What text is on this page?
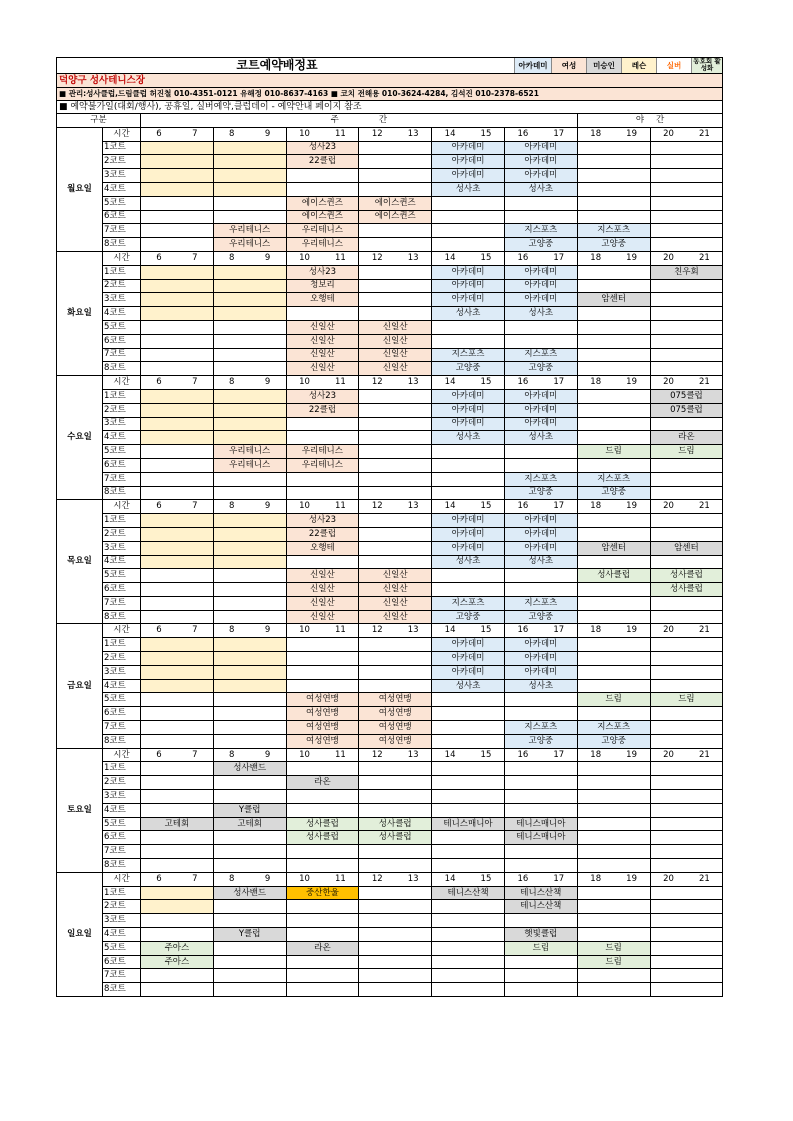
코트예약배정표	아카데미	여성	미승인	레슨	실버	동호회 활성화
덕양구 성사테니스장
■ 관리:성사클럽,드림클럽 허진철 010-4351-0121 유해정 010-8637-4163 ■ 코치 전해용 010-3624-4284, 김석진 010-2378-6521
■ 예약불가일(대회/행사), 공휴일, 실버예약,클럽데이 - 예약안내 페이지 참조
구분		주 간												야 간			
월요일	시간	6	7	8	9	10	11	12	13	14	15	16	17	18	19	20	21
	1코트					성사23				아카데미		아카데미					
	2코트					22클럽				아카데미		아카데미					
	3코트									아카데미		아카데미					
	4코트									성사초		성사초					
	5코트					에이스퀸즈		에이스퀸즈									
	6코트					에이스퀸즈		에이스퀸즈									
	7코트			우리테니스		우리테니스						지스포츠		지스포츠			
	8코트			우리테니스		우리테니스						고양중		고양중			
화요일	시간	6	7	8	9	10	11	12	13	14	15	16	17	18	19	20	21
	1코트					성사23				아카데미		아카데미				친우회	
	2코트					청보리				아카데미		아카데미					
	3코트					오행테				아카데미		아카데미		암센터			
	4코트									성사초		성사초					
	5코트					신일산		신일산									
	6코트					신일산		신일산									
	7코트					신일산		신일산		지스포츠		지스포츠					
	8코트					신일산		신일산		고양중		고양중					
수요일	시간	6	7	8	9	10	11	12	13	14	15	16	17	18	19	20	21
	1코트					성사23				아카데미		아카데미				075클럽	
	2코트					22클럽				아카데미		아카데미				075클럽	
	3코트									아카데미		아카데미					
	4코트									성사초		성사초				라온	
	5코트			우리테니스		우리테니스								드림		드림	
	6코트			우리테니스		우리테니스											
	7코트											지스포츠		지스포츠			
	8코트											고양중		고양중			
목요일	시간	6	7	8	9	10	11	12	13	14	15	16	17	18	19	20	21
	1코트					성사23				아카데미		아카데미					
	2코트					22클럽				아카데미		아카데미					
	3코트					오행테				아카데미		아카데미		암센터		암센터	
	4코트									성사초		성사초					
	5코트					신일산		신일산						성사클럽		성사클럽	
	6코트					신일산		신일산								성사클럽	
	7코트					신일산		신일산		지스포츠		지스포츠					
	8코트					신일산		신일산		고양중		고양중					
금요일	시간	6	7	8	9	10	11	12	13	14	15	16	17	18	19	20	21
	1코트									아카데미		아카데미					
	2코트									아카데미		아카데미					
	3코트									아카데미		아카데미					
	4코트									성사초		성사초					
	5코트					여성연맹		여성연맹						드림		드림	
	6코트					여성연맹		여성연맹									
	7코트					여성연맹		여성연맹				지스포츠		지스포츠			
	8코트					여성연맹		여성연맹				고양중		고양중			
토요일	시간	6	7	8	9	10	11	12	13	14	15	16	17	18	19	20	21
	1코트			성사밴드													
	2코트					라온											
	3코트																
	4코트			Y클럽													
	5코트	고테회		고테회		성사클럽		성사클럽		테니스매니아		테니스매니아					
	6코트					성사클럽		성사클럽				테니스매니아					
	7코트																
	8코트																
일요일	시간	6	7	8	9	10	11	12	13	14	15	16	17	18	19	20	21
	1코트			성사밴드		중산한울				테니스산책		테니스산책					
	2코트											테니스산책					
	3코트																
	4코트			Y클럽								햇빛클럽					
	5코트	주아스				라온						드림		드림			
	6코트	주아스												드림			
	7코트																
	8코트																
